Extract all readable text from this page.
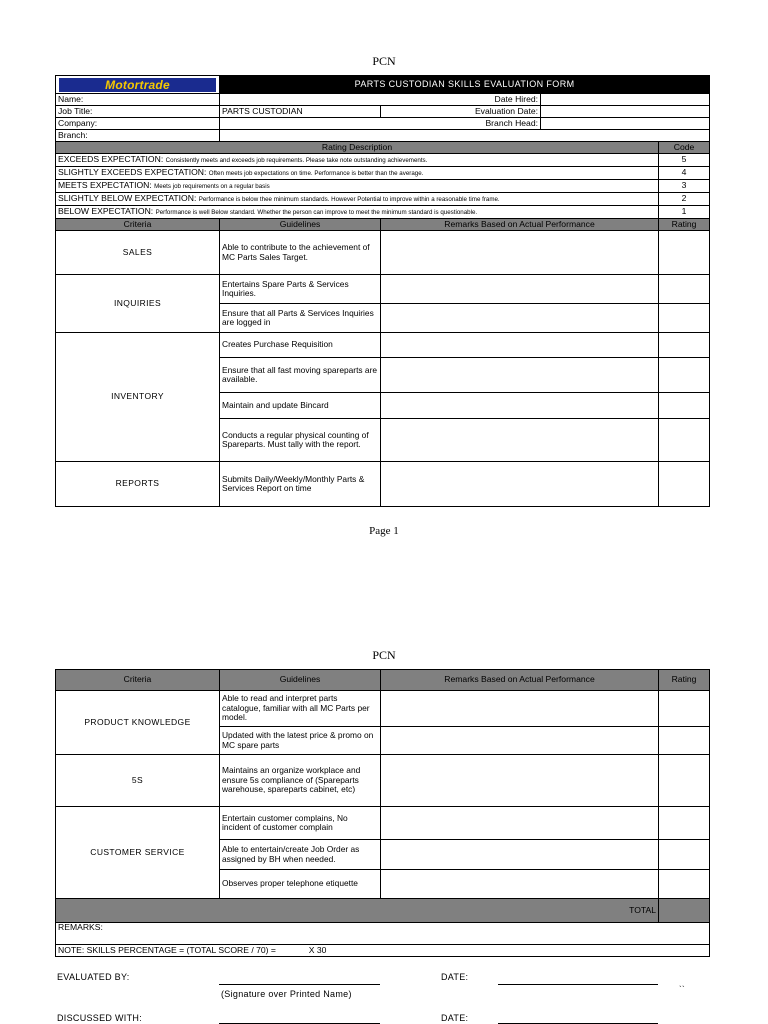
PCN
Motortrade	PARTS CUSTODIAN SKILLS EVALUATION FORM			
Name:	Date Hired:			
Job Title:	PARTS CUSTODIAN	Evaluation Date:		
Company:	Branch Head:			
Branch:				
Rating Description				Code
EXCEEDS EXPECTATION: Consistently meets and exceeds job requirements. Please take note outstanding achievements.				5
SLIGHTLY EXCEEDS EXPECTATION: Often meets job expectations on time. Performance is better than the average.				4
MEETS EXPECTATION: Meets job requirements on a regular basis				3
SLIGHTLY BELOW EXPECTATION: Performance is below thee minimum standards. However Potential to improve within a reasonable time frame.				2
BELOW EXPECTATION: Performance is well Below standard. Whether the person can improve to meet the minimum standard is questionable.				1
Criteria	Guidelines	Remarks Based on Actual Performance		Rating
SALES	Able to contribute to the achievement of MC Parts Sales Target.			
INQUIRIES	Entertains Spare Parts & Services Inquiries.			
	Ensure that all Parts & Services Inquiries are logged in			
INVENTORY	Creates Purchase Requisition			
	Ensure that all fast moving spareparts are available.			
	Maintain and update Bincard			
	Conducts a regular physical counting of Spareparts. Must tally with the report.			
REPORTS	Submits Daily/Weekly/Monthly Parts & Services Report on time			
Page 1
PCN
Criteria	Guidelines	Remarks Based on Actual Performance	Rating
PRODUCT KNOWLEDGE	Able to read and interpret parts catalogue, familiar with all MC Parts per model.		
	Updated with the latest price & promo on MC spare parts		
5S	Maintains an organize workplace and ensure 5s compliance of (Spareparts warehouse, spareparts cabinet, etc)		
CUSTOMER SERVICE	Entertain customer complains, No incident of customer complain		
	Able to entertain/create Job Order as assigned by BH when needed.		
	Observes proper telephone etiquette		
TOTAL			
REMARKS:			
NOTE: SKILLS PERCENTAGE = (TOTAL SCORE / 70) = X 30			
EVALUATED BY:
(Signature over Printed Name)
DATE:
``
DISCUSSED WITH:	DATE:
